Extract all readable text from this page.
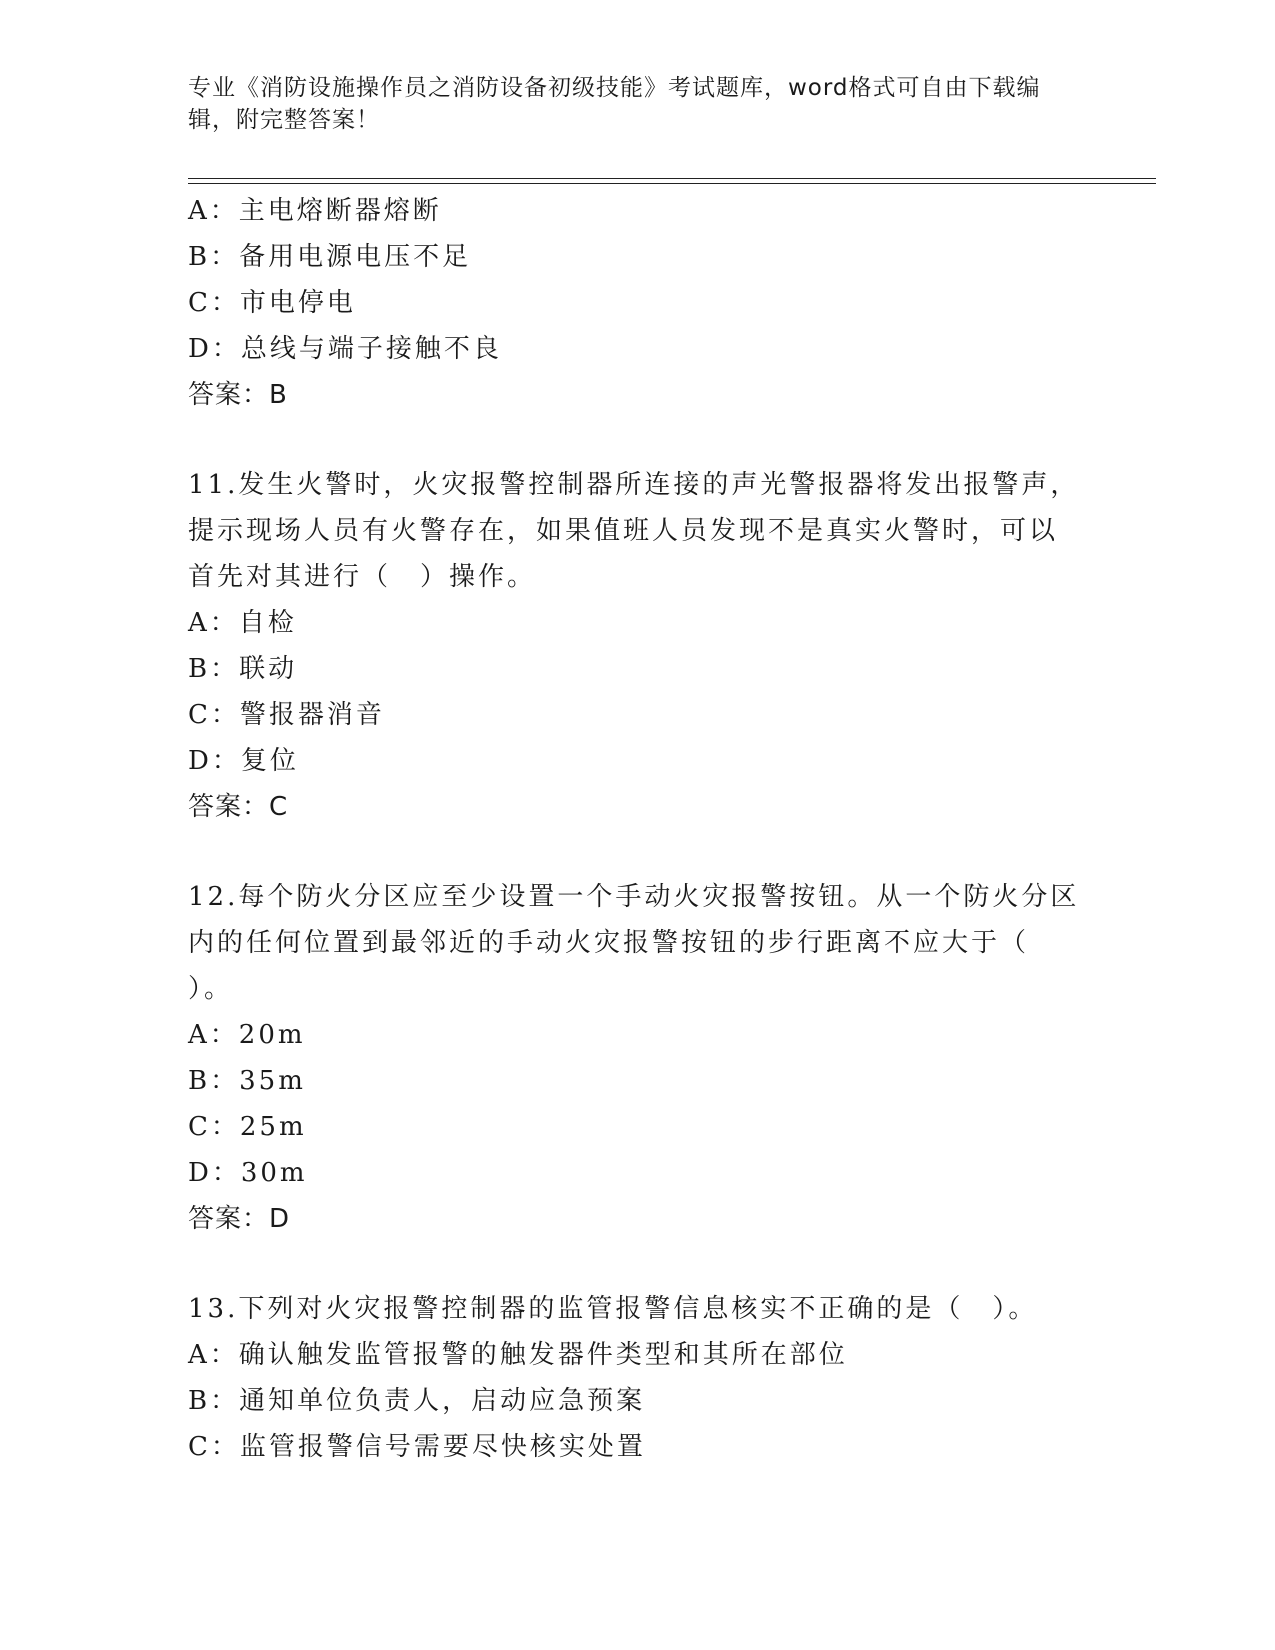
专业《消防设施操作员之消防设备初级技能》考试题库，word格式可自由下载编
辑，附完整答案！
A：主电熔断器熔断
B：备用电源电压不足
C：市电停电
D：总线与端子接触不良
答案：B
11.发生火警时，火灾报警控制器所连接的声光警报器将发出报警声，
提示现场人员有火警存在，如果值班人员发现不是真实火警时，可以
首先对其进行（　）操作。
A：自检
B：联动
C：警报器消音
D：复位
答案：C
12.每个防火分区应至少设置一个手动火灾报警按钮。从一个防火分区
内的任何位置到最邻近的手动火灾报警按钮的步行距离不应大于（
）。
A：20m
B：35m
C：25m
D：30m
答案：D
13.下列对火灾报警控制器的监管报警信息核实不正确的是（　）。
A：确认触发监管报警的触发器件类型和其所在部位
B：通知单位负责人，启动应急预案
C：监管报警信号需要尽快核实处置
